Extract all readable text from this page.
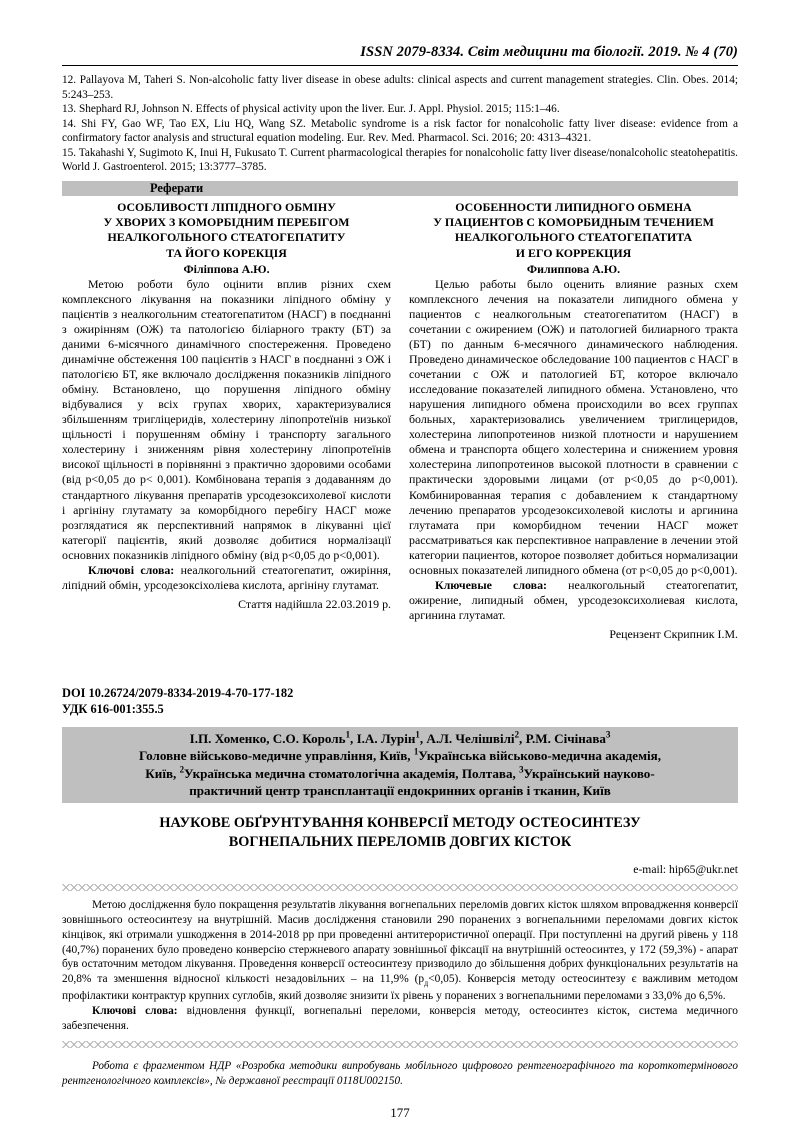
ISSN 2079-8334. Світ медицини та біології. 2019. № 4 (70)

12. Pallayova M, Taheri S. Non-alcoholic fatty liver disease in obese adults: clinical aspects and current management strategies. Clin. Obes. 2014; 5:243–253.

13. Shephard RJ, Johnson N. Effects of physical activity upon the liver. Eur. J. Appl. Physiol. 2015; 115:1–46.

14. Shi FY, Gao WF, Tao EX, Liu HQ, Wang SZ. Metabolic syndrome is a risk factor for nonalcoholic fatty liver disease: evidence from a confirmatory factor analysis and structural equation modeling. Eur. Rev. Med. Pharmacol. Sci. 2016; 20: 4313–4321.

15. Takahashi Y, Sugimoto K, Inui H, Fukusato T. Current pharmacological therapies for nonalcoholic fatty liver disease/nonalcoholic steatohepatitis. World J. Gastroenterol. 2015; 13:3777–3785.

Реферати
ОСОБЛИВОСТІ ЛІПІДНОГО ОБМІНУ
У ХВОРИХ З КОМОРБІДНИМ ПЕРЕБІГОМ
НЕАЛКОГОЛЬНОГО СТЕАТОГЕПАТИТУ
ТА ЙОГО КОРЕКЦІЯ
Філіппова А.Ю.

Метою роботи було оцінити вплив різних схем комплексного лікування на показники ліпідного обміну у пацієнтів з неалкогольним стеатогепатитом (НАСГ) в поєднанні з ожирінням (ОЖ) та патологією біліарного тракту (БТ) за даними 6-місячного динамічного спостереження. Проведено динамічне обстеження 100 пацієнтів з НАСГ в поєднанні з ОЖ і патологією БТ, яке включало дослідження показників ліпідного обміну. Встановлено, що порушення ліпідного обміну відбувалися у всіх групах хворих, характеризувалися збільшенням тригліцеридів, холестерину ліпопротеїнів низької щільності і порушенням обміну і транспорту загального холестерину і зниженням рівня холестерину ліпопротеїнів високої щільності в порівнянні з практично здоровими особами (від p<0,05 до p< 0,001). Комбінована терапія з додаванням до стандартного лікування препаратів урсодезоксихолевої кислоти і аргініну глутамату за коморбідного перебігу НАСГ може розглядатися як перспективний напрямок в лікуванні цієї категорії пацієнтів, який дозволяє добитися нормалізації основних показників ліпідного обміну (від p<0,05 до p<0,001).

Ключові слова: неалкогольний стеатогепатит, ожиріння, ліпідний обмін, урсодезоксіхоліева кислота, аргініну глутамат.

Стаття надійшла 22.03.2019 р.

ОСОБЕННОСТИ ЛИПИДНОГО ОБМЕНА
У ПАЦИЕНТОВ С КОМОРБИДНЫМ ТЕЧЕНИЕМ
НЕАЛКОГОЛЬНОГО СТЕАТОГЕПАТИТА
И ЕГО КОРРЕКЦИЯ
Филиппова А.Ю.

Целью работы было оценить влияние разных схем комплексного лечения на показатели липидного обмена у пациентов с неалкогольным стеатогепатитом (НАСГ) в сочетании с ожирением (ОЖ) и патологией билиарного тракта (БТ) по данным 6-месячного динамического наблюдения. Проведено динамическое обследование 100 пациентов с НАСГ в сочетании с ОЖ и патологией БТ, которое включало исследование показателей липидного обмена. Установлено, что нарушения липидного обмена происходили во всех группах больных, характеризовались увеличением триглицеридов, холестерина липопротеинов низкой плотности и нарушением обмена и транспорта общего холестерина и снижением уровня холестерина липопротеинов высокой плотности в сравнении с практически здоровыми лицами (от p<0,05 до p<0,001). Комбинированная терапия с добавлением к стандартному лечению препаратов урсодезоксихолевой кислоты и аргинина глутамата при коморбидном течении НАСГ может рассматриваться как перспективное направление в лечении этой категории пациентов, которое позволяет добиться нормализации основных показателей липидного обмена (от p<0,05 до p<0,001).

Ключевые слова: неалкогольный стеатогепатит, ожирение, липидный обмен, урсодезоксихолиевая кислота, аргинина глутамат.

Рецензент Скрипник І.М.

DOI 10.26724/2079-8334-2019-4-70-177-182
УДК 616-001:355.5
І.П. Хоменко, С.О. Король$^1$, І.А. Лурін$^1$, А.Л. Челішвілі$^2$, Р.М. Січінава$^3$
Головне військово-медичне управління, Київ, $^1$Українська військово-медична академія,
Київ, $^2$Українська медична стоматологічна академія, Полтава, $^3$Український науково-
практичний центр трансплантації ендокринних органів і тканин, Київ
НАУКОВЕ ОБҐРУНТУВАННЯ КОНВЕРСІЇ МЕТОДУ ОСТЕОСИНТЕЗУ
ВОГНЕПАЛЬНИХ ПЕРЕЛОМІВ ДОВГИХ КІСТОК
e-mail: hip65@ukr.net

Метою дослідження було покращення результатів лікування вогнепальних переломів довгих кісток шляхом впровадження конверсії зовнішнього остеосинтезу на внутрішній. Масив дослідження становили 290 поранених з вогнепальними переломами довгих кісток кінцівок, які отримали ушкодження в 2014-2018 рр при проведенні антитерористичної операції. При поступленні на другий рівень у 118 (40,7%) поранених було проведено конверсію стержневого апарату зовнішньої фіксації на внутрішній остеосинтез, у 172 (59,3%) - апарат був остаточним методом лікування. Проведення конверсії остеосинтезу призводило до збільшення добрих функціональних результатів на 20,8% та зменшення відносної кількості незадовільних – на 11,9% $(p_д<0,05)$. Конверсія методу остеосинтезу є важливим методом профілактики контрактур крупних суглобів, який дозволяє знизити їх рівень у поранених з вогнепальними переломами з 33,0% до 6,5%.

Ключові слова: відновлення функції, вогнепальні переломи, конверсія методу, остеосинтез кісток, система медичного забезпечення.

Робота є фрагментом НДР «Розробка методики випробувань мобільного цифрового рентгенографічного та короткотермінового рентгенологічного комплексів», № державної реєстрації 0118U002150.

177
